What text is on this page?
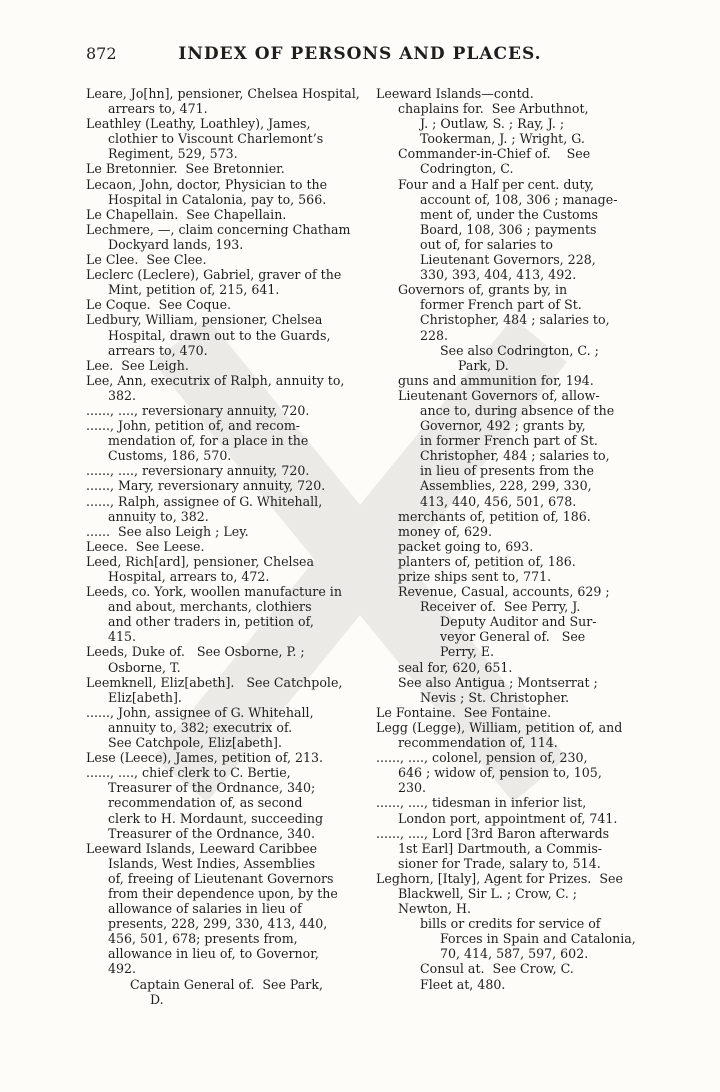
872	INDEX OF PERSONS AND PLACES.
Leare, Jo[hn], pensioner, Chelsea Hospital,
arrears to, 471.
Leathley (Leathy, Loathley), James,
clothier to Viscount Charlemont’s
Regiment, 529, 573.
Le Bretonnier.  See Bretonnier.
Lecaon, John, doctor, Physician to the
Hospital in Catalonia, pay to, 566.
Le Chapellain.  See Chapellain.
Lechmere, —, claim concerning Chatham
Dockyard lands, 193.
Le Clee.  See Clee.
Leclerc (Leclere), Gabriel, graver of the
Mint, petition of, 215, 641.
Le Coque.  See Coque.
Ledbury, William, pensioner, Chelsea
Hospital, drawn out to the Guards,
arrears to, 470.
Lee.  See Leigh.
Lee, Ann, executrix of Ralph, annuity to,
382.
......, ...., reversionary annuity, 720.
......, John, petition of, and recom-
mendation of, for a place in the
Customs, 186, 570.
......, ...., reversionary annuity, 720.
......, Mary, reversionary annuity, 720.
......, Ralph, assignee of G. Whitehall,
annuity to, 382.
......  See also Leigh ; Ley.
Leece.  See Leese.
Leed, Rich[ard], pensioner, Chelsea
Hospital, arrears to, 472.
Leeds, co. York, woollen manufacture in
and about, merchants, clothiers
and other traders in, petition of,
415.
Leeds, Duke of.   See Osborne, P. ;
Osborne, T.
Leemknell, Eliz[abeth].   See Catchpole,
Eliz[abeth].
......, John, assignee of G. Whitehall,
annuity to, 382; executrix of.
See Catchpole, Eliz[abeth].
Lese (Leece), James, petition of, 213.
......, ...., chief clerk to C. Bertie,
Treasurer of the Ordnance, 340;
recommendation of, as second
clerk to H. Mordaunt, succeeding
Treasurer of the Ordnance, 340.
Leeward Islands, Leeward Caribbee
Islands, West Indies, Assemblies
of, freeing of Lieutenant Governors
from their dependence upon, by the
allowance of salaries in lieu of
presents, 228, 299, 330, 413, 440,
456, 501, 678; presents from,
allowance in lieu of, to Governor,
492.
Captain General of.  See Park,
D.
Leeward Islands—contd.
chaplains for.  See Arbuthnot,
J. ; Outlaw, S. ; Ray, J. ;
Tookerman, J. ; Wright, G.
Commander-in-Chief of.    See
Codrington, C.
Four and a Half per cent. duty,
account of, 108, 306 ; manage-
ment of, under the Customs
Board, 108, 306 ; payments
out of, for salaries to
Lieutenant Governors, 228,
330, 393, 404, 413, 492.
Governors of, grants by, in
former French part of St.
Christopher, 484 ; salaries to,
228.
See also Codrington, C. ;
Park, D.
guns and ammunition for, 194.
Lieutenant Governors of, allow-
ance to, during absence of the
Governor, 492 ; grants by,
in former French part of St.
Christopher, 484 ; salaries to,
in lieu of presents from the
Assemblies, 228, 299, 330,
413, 440, 456, 501, 678.
merchants of, petition of, 186.
money of, 629.
packet going to, 693.
planters of, petition of, 186.
prize ships sent to, 771.
Revenue, Casual, accounts, 629 ;
Receiver of.  See Perry, J.
Deputy Auditor and Sur-
veyor General of.   See
Perry, E.
seal for, 620, 651.
See also Antigua ; Montserrat ;
Nevis ; St. Christopher.
Le Fontaine.  See Fontaine.
Legg (Legge), William, petition of, and
recommendation of, 114.
......, ...., colonel, pension of, 230,
646 ; widow of, pension to, 105,
230.
......, ...., tidesman in inferior list,
London port, appointment of, 741.
......, ...., Lord [3rd Baron afterwards
1st Earl] Dartmouth, a Commis-
sioner for Trade, salary to, 514.
Leghorn, [Italy], Agent for Prizes.  See
Blackwell, Sir L. ; Crow, C. ;
Newton, H.
bills or credits for service of
Forces in Spain and Catalonia,
70, 414, 587, 597, 602.
Consul at.  See Crow, C.
Fleet at, 480.
